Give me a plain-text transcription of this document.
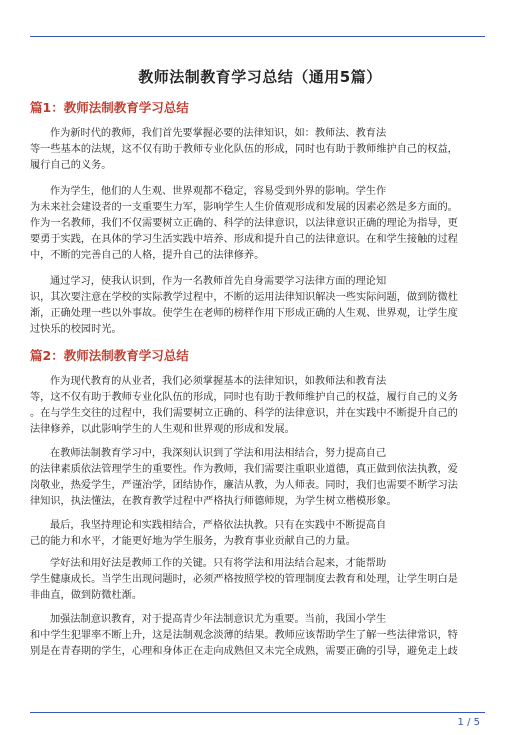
教师法制教育学习总结（通用5篇）
篇1：教师法制教育学习总结
作为新时代的教师，我们首先要掌握必要的法律知识，如：教师法、教育法
等一些基本的法规，这不仅有助于教师专业化队伍的形成，同时也有助于教师维护自己的权益，
履行自己的义务。
作为学生，他们的人生观、世界观都不稳定，容易受到外界的影响。学生作
为未来社会建设者的一支重要生力军，影响学生人生价值观形成和发展的因素必然是多方面的。
作为一名教师，我们不仅需要树立正确的、科学的法律意识，以法律意识正确的理论为指导，更
要勇于实践，在具体的学习生活实践中培养、形成和提升自己的法律意识。在和学生接触的过程
中，不断的完善自己的人格，提升自己的法律修养。
通过学习，使我认识到，作为一名教师首先自身需要学习法律方面的理论知
识，其次要注意在学校的实际教学过程中，不断的运用法律知识解决一些实际问题，做到防微杜
渐，正确处理一些以外事故。使学生在老师的榜样作用下形成正确的人生观、世界观，让学生度
过快乐的校园时光。
篇2：教师法制教育学习总结
作为现代教育的从业者，我们必须掌握基本的法律知识，如教师法和教育法
等，这不仅有助于教师专业化队伍的形成，同时也有助于教师维护自己的权益，履行自己的义务
。在与学生交往的过程中，我们需要树立正确的、科学的法律意识，并在实践中不断提升自己的
法律修养，以此影响学生的人生观和世界观的形成和发展。
在教师法制教育学习中，我深刻认识到了学法和用法相结合，努力提高自己
的法律素质依法管理学生的重要性。作为教师，我们需要注重职业道德，真正做到依法执教，爱
岗敬业，热爱学生，严谨治学，团结协作，廉洁从教，为人师表。同时，我们也需要不断学习法
律知识，执法懂法，在教育教学过程中严格执行师德师规，为学生树立楷模形象。
最后，我坚持理论和实践相结合，严格依法执教。只有在实践中不断提高自
己的能力和水平，才能更好地为学生服务，为教育事业贡献自己的力量。
学好法和用好法是教师工作的关键。只有将学法和用法结合起来，才能帮助
学生健康成长。当学生出现问题时，必须严格按照学校的管理制度去教育和处理，让学生明白是
非曲直，做到防微杜渐。
加强法制意识教育，对于提高青少年法制意识尤为重要。当前，我国小学生
和中学生犯罪率不断上升，这是法制观念淡薄的结果。教师应该帮助学生了解一些法律常识，特
别是在青春期的学生，心理和身体正在走向成熟但又未完全成熟，需要正确的引导，避免走上歧
1 / 5
